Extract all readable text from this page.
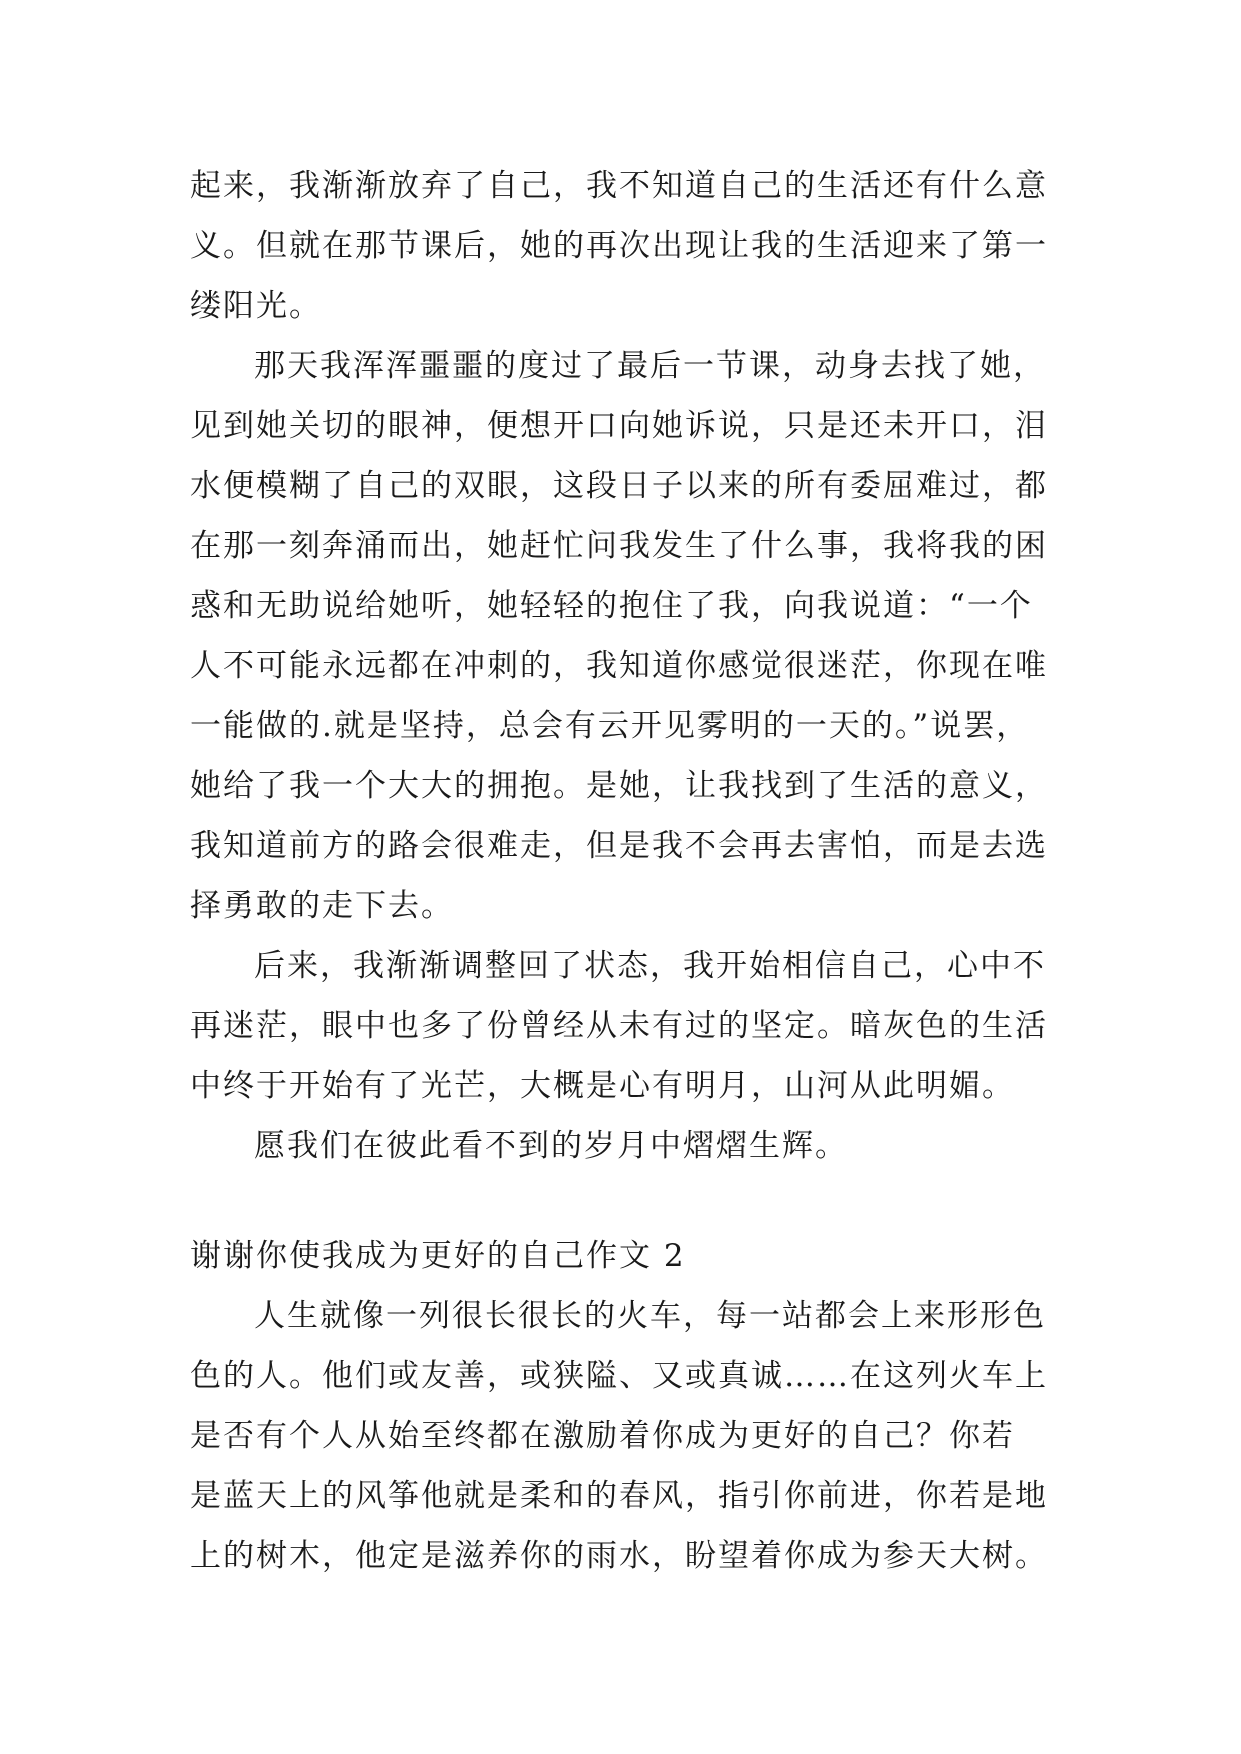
起来，我渐渐放弃了自己，我不知道自己的生活还有什么意
义。但就在那节课后，她的再次出现让我的生活迎来了第一
缕阳光。
那天我浑浑噩噩的度过了最后一节课，动身去找了她，
见到她关切的眼神，便想开口向她诉说，只是还未开口，泪
水便模糊了自己的双眼，这段日子以来的所有委屈难过，都
在那一刻奔涌而出，她赶忙问我发生了什么事，我将我的困
惑和无助说给她听，她轻轻的抱住了我，向我说道：“一个
人不可能永远都在冲刺的，我知道你感觉很迷茫，你现在唯
一能做的.就是坚持，总会有云开见雾明的一天的。”说罢，
她给了我一个大大的拥抱。是她，让我找到了生活的意义，
我知道前方的路会很难走，但是我不会再去害怕，而是去选
择勇敢的走下去。
后来，我渐渐调整回了状态，我开始相信自己，心中不
再迷茫，眼中也多了份曾经从未有过的坚定。暗灰色的生活
中终于开始有了光芒，大概是心有明月，山河从此明媚。
愿我们在彼此看不到的岁月中熠熠生辉。
谢谢你使我成为更好的自己作文 2
人生就像一列很长很长的火车，每一站都会上来形形色
色的人。他们或友善，或狭隘、又或真诚……在这列火车上
是否有个人从始至终都在激励着你成为更好的自己？你若
是蓝天上的风筝他就是柔和的春风，指引你前进，你若是地
上的树木，他定是滋养你的雨水，盼望着你成为参天大树。
